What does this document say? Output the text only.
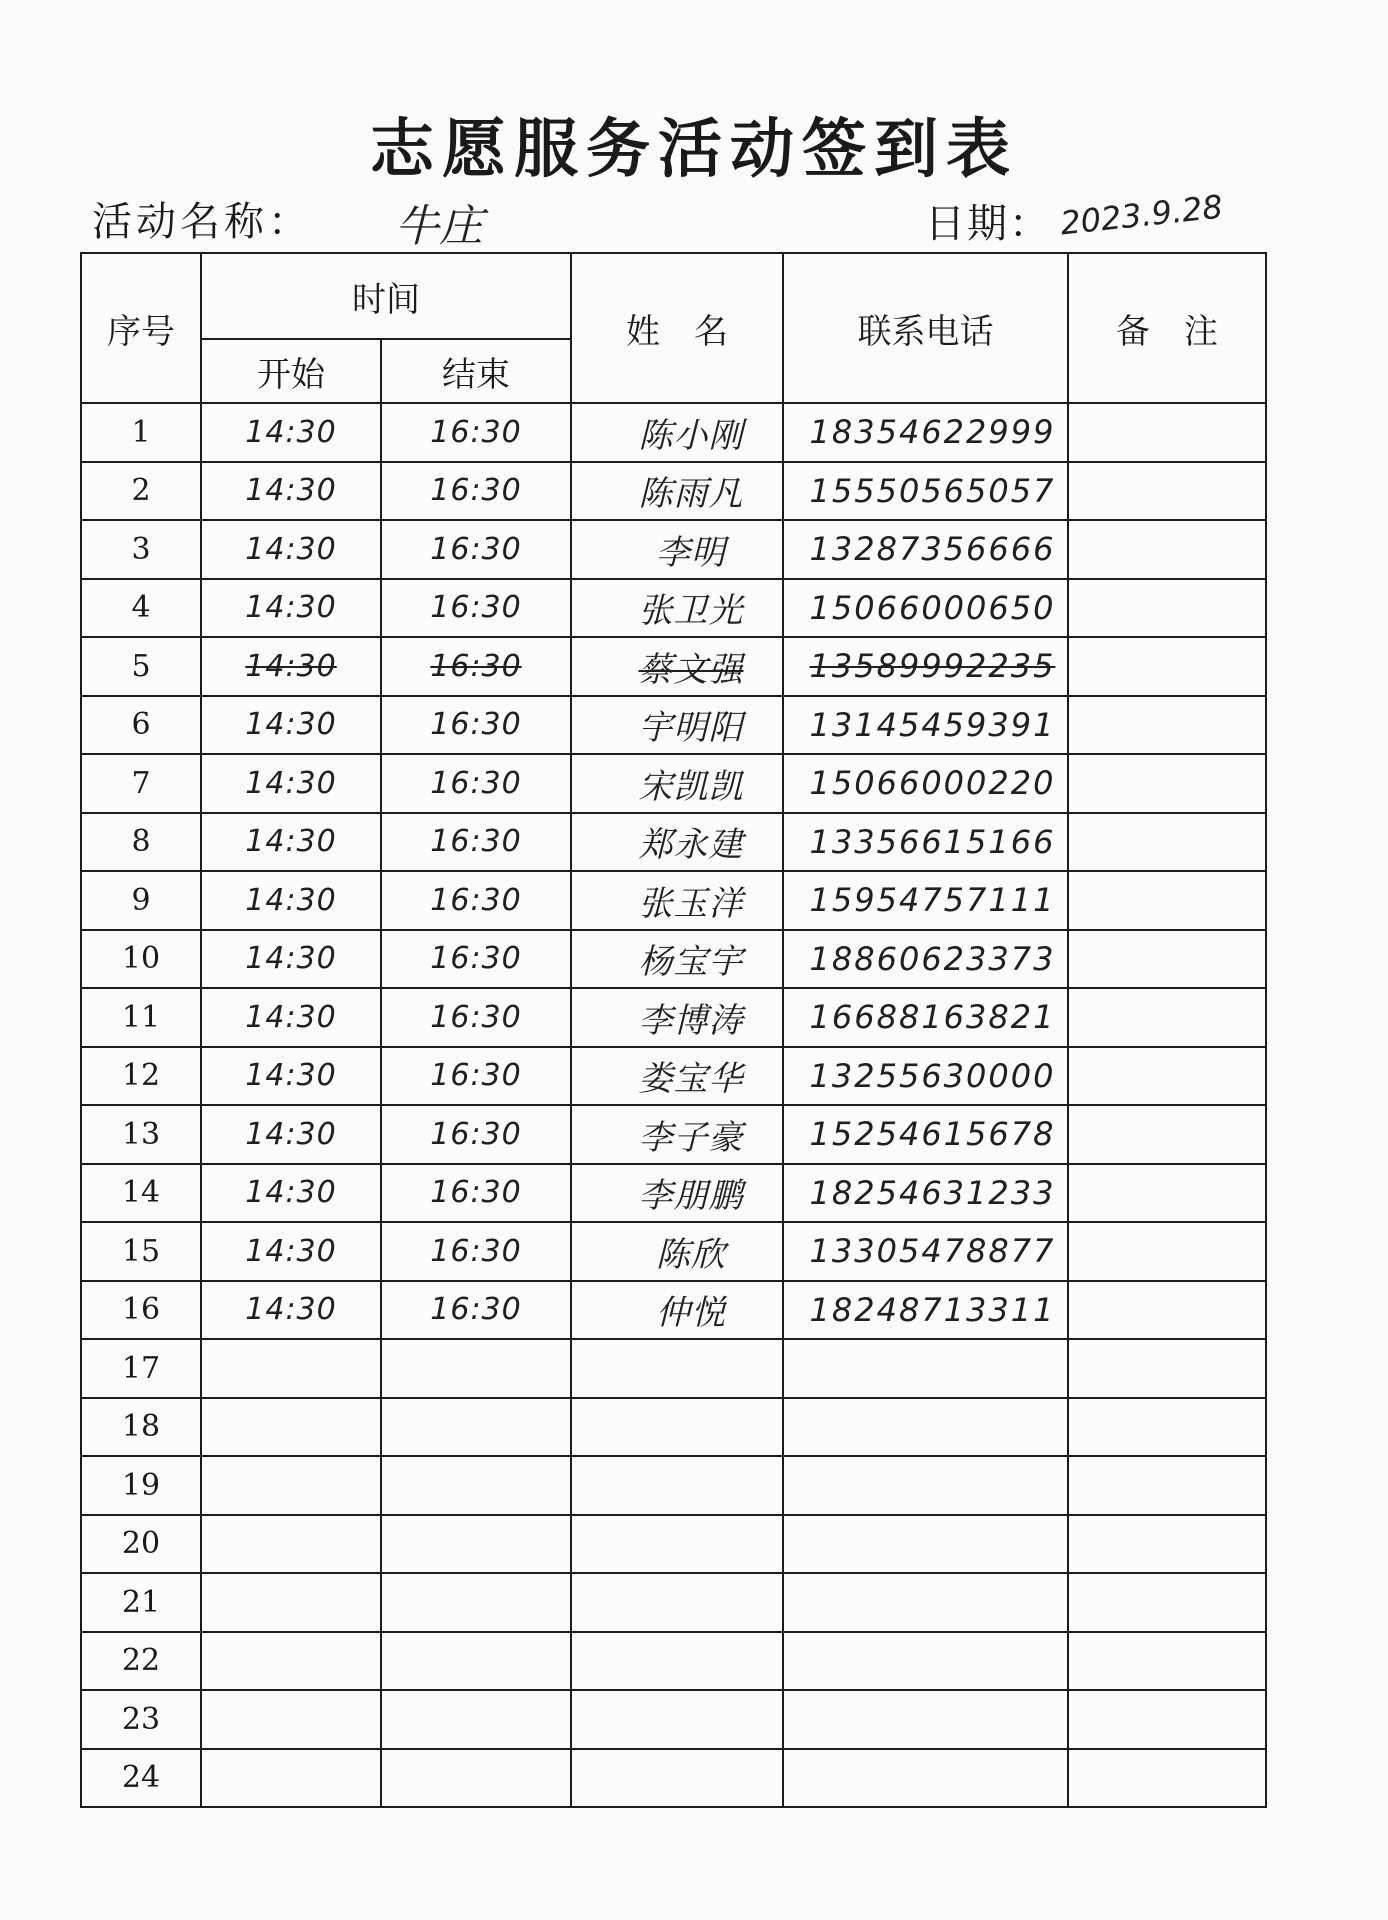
志愿服务活动签到表
活动名称： 牛庄	日期： 2023.9.28
序号	时间		姓　名	联系电话	备　注
	开始	结束			
1	14:30	16:30	陈小刚	18354622999	
2	14:30	16:30	陈雨凡	15550565057	
3	14:30	16:30	李明	13287356666	
4	14:30	16:30	张卫光	15066000650	
5	14:30	16:30	蔡文强	13589992235	
6	14:30	16:30	宇明阳	13145459391	
7	14:30	16:30	宋凯凯	15066000220	
8	14:30	16:30	郑永建	13356615166	
9	14:30	16:30	张玉洋	15954757111	
10	14:30	16:30	杨宝宇	18860623373	
11	14:30	16:30	李博涛	16688163821	
12	14:30	16:30	娄宝华	13255630000	
13	14:30	16:30	李子豪	15254615678	
14	14:30	16:30	李朋鹏	18254631233	
15	14:30	16:30	陈欣	13305478877	
16	14:30	16:30	仲悦	18248713311	
17					
18					
19					
20					
21					
22					
23					
24					
